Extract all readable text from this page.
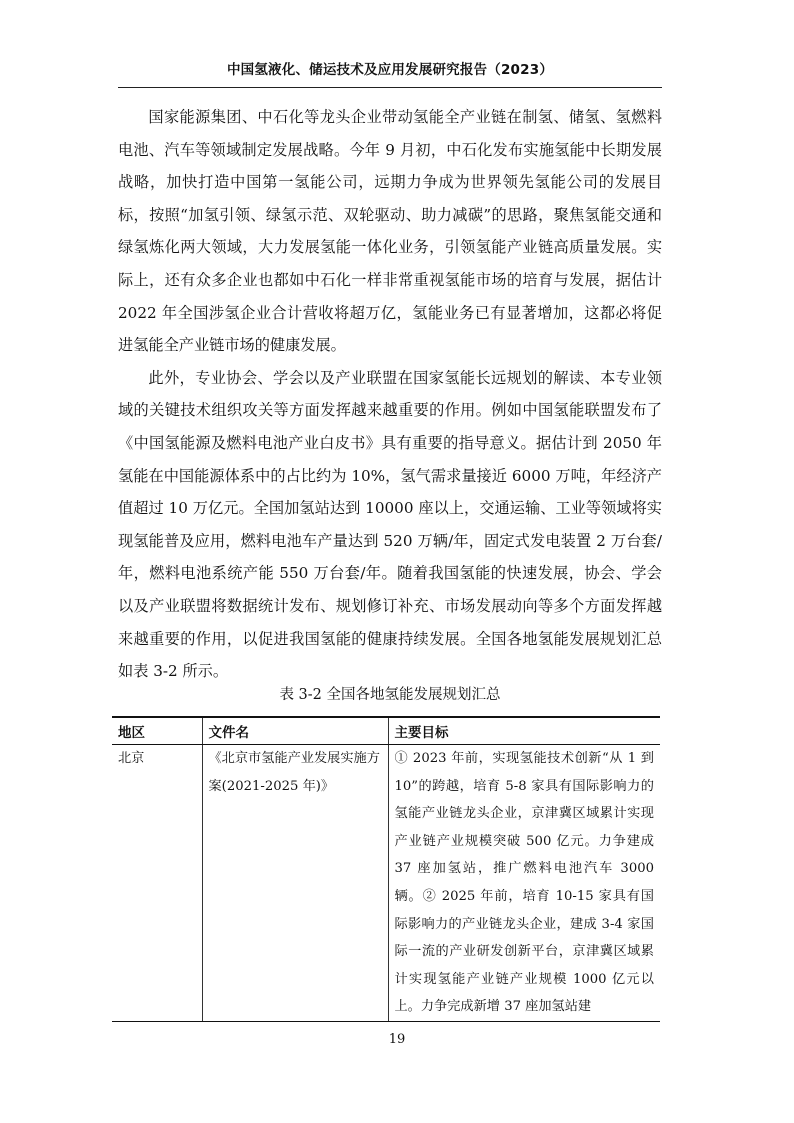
中国氢液化、储运技术及应用发展研究报告（2023）

国家能源集团、中石化等龙头企业带动氢能全产业链在制氢、储氢、氢燃料电池、汽车等领域制定发展战略。今年 9 月初，中石化发布实施氢能中长期发展战略，加快打造中国第一氢能公司，远期力争成为世界领先氢能公司的发展目标，按照“加氢引领、绿氢示范、双轮驱动、助力减碳”的思路，聚焦氢能交通和绿氢炼化两大领域，大力发展氢能一体化业务，引领氢能产业链高质量发展。实际上，还有众多企业也都如中石化一样非常重视氢能市场的培育与发展，据估计 2022 年全国涉氢企业合计营收将超万亿，氢能业务已有显著增加，这都必将促进氢能全产业链市场的健康发展。

此外，专业协会、学会以及产业联盟在国家氢能长远规划的解读、本专业领域的关键技术组织攻关等方面发挥越来越重要的作用。例如中国氢能联盟发布了《中国氢能源及燃料电池产业白皮书》具有重要的指导意义。据估计到 2050 年氢能在中国能源体系中的占比约为 10%，氢气需求量接近 6000 万吨，年经济产值超过 10 万亿元。全国加氢站达到 10000 座以上，交通运输、工业等领域将实现氢能普及应用，燃料电池车产量达到 520 万辆/年，固定式发电装置 2 万台套/年，燃料电池系统产能 550 万台套/年。随着我国氢能的快速发展，协会、学会以及产业联盟将数据统计发布、规划修订补充、市场发展动向等多个方面发挥越来越重要的作用，以促进我国氢能的健康持续发展。全国各地氢能发展规划汇总如表 3-2 所示。

表 3-2 全国各地氢能发展规划汇总
地区	文件名	主要目标
北京	《北京市氢能产业发展实施方案(2021-2025 年)》	① 2023 年前，实现氢能技术创新“从 1 到 10”的跨越，培育 5-8 家具有国际影响力的氢能产业链龙头企业，京津冀区域累计实现产业链产业规模突破 500 亿元。力争建成 37 座加氢站，推广燃料电池汽车 3000 辆。② 2025 年前，培育 10-15 家具有国际影响力的产业链龙头企业，建成 3-4 家国际一流的产业研发创新平台，京津冀区域累计实现氢能产业链产业规模 1000 亿元以上。力争完成新增 37 座加氢站建
19
